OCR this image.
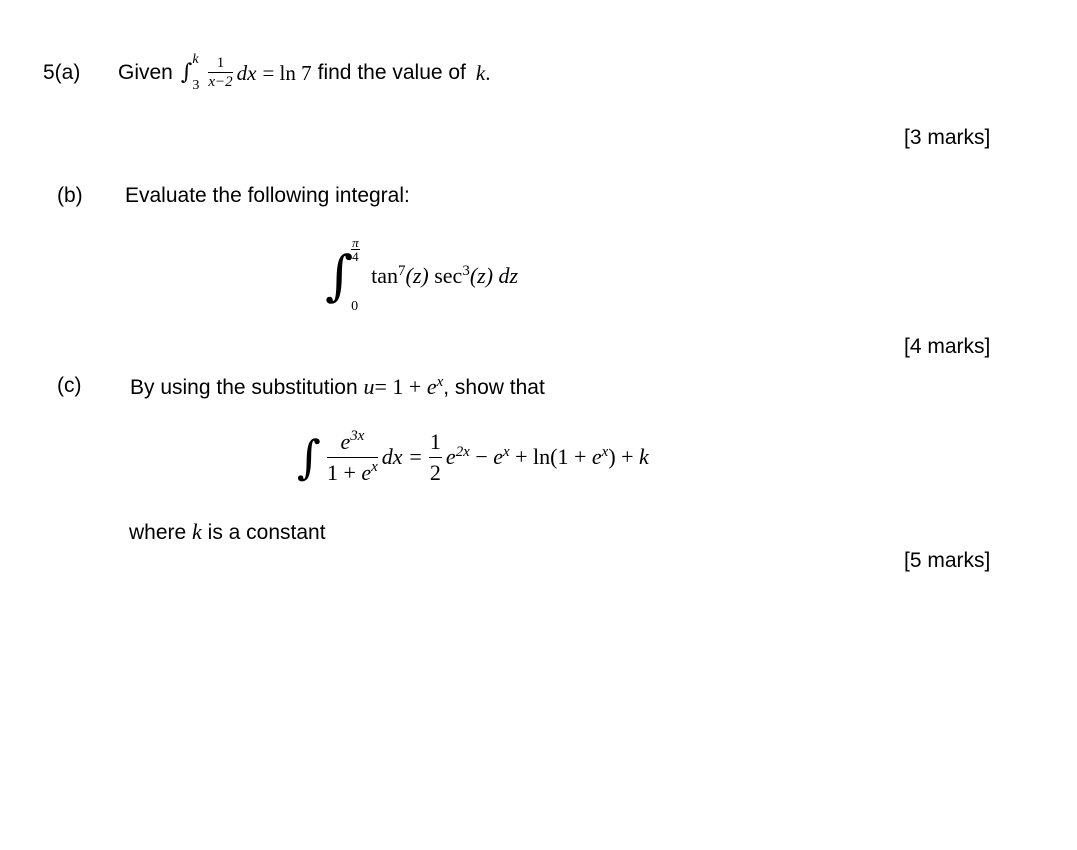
5(a) Given ∫
k
$3 \frac{1}{x-2}$ dx = ln 7 find the value of k .
[3 marks]
(b) Evaluate the following integral:
∫
$\frac{\pi}{4}$
0
$\tan^7(z)$ $\sec^3(z)$ dz
[4 marks]
(c) By using the substitution $u= 1 + e^x$, show that
∫ $\frac{e^{3x}}{1 + e^x}$ dx = $\frac{1}{2} e^{2x} - e^x + \ln(1 + e^x) + k$
where k is a constant
[5 marks]
